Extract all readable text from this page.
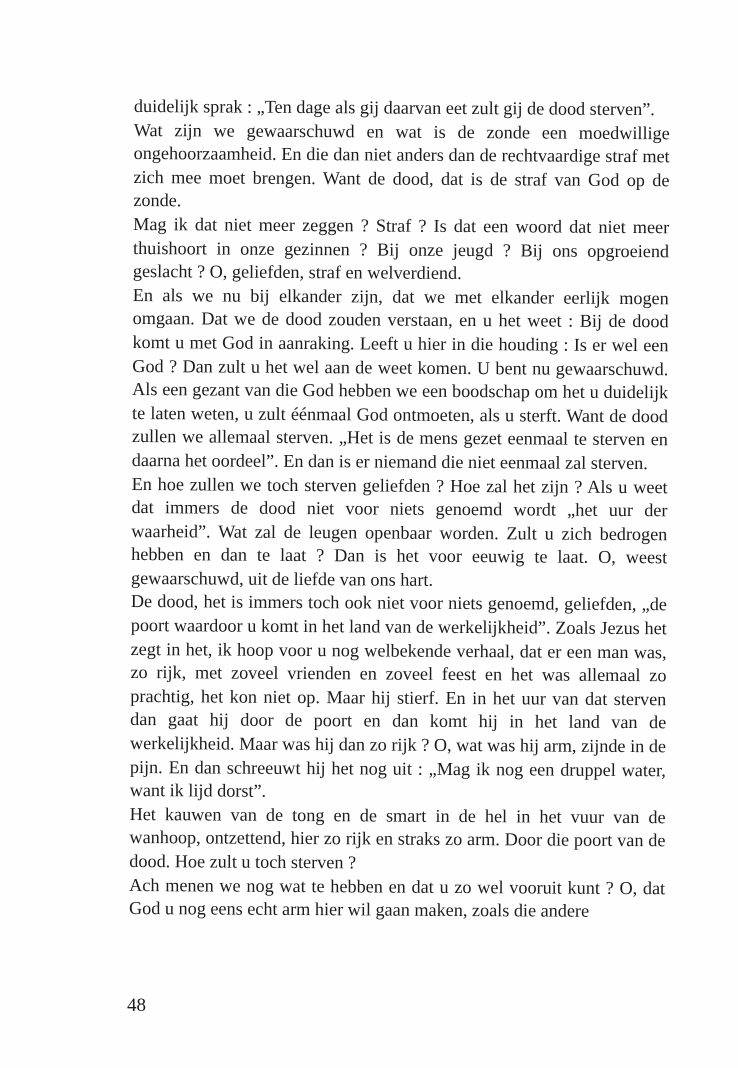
duidelijk sprak : „Ten dage als gij daarvan eet zult gij de dood sterven”.

Wat zijn we gewaarschuwd en wat is de zonde een moedwillige ongehoorzaamheid. En die dan niet anders dan de rechtvaardige straf met zich mee moet brengen. Want de dood, dat is de straf van God op de zonde.

Mag ik dat niet meer zeggen ? Straf ? Is dat een woord dat niet meer thuishoort in onze gezinnen ? Bij onze jeugd ? Bij ons opgroeiend geslacht ? O, geliefden, straf en welverdiend.

En als we nu bij elkander zijn, dat we met elkander eerlijk mogen omgaan. Dat we de dood zouden verstaan, en u het weet : Bij de dood komt u met God in aanraking. Leeft u hier in die houding : Is er wel een God ? Dan zult u het wel aan de weet komen. U bent nu gewaarschuwd. Als een gezant van die God hebben we een boodschap om het u duidelijk te laten weten, u zult éénmaal God ontmoeten, als u sterft. Want de dood zullen we allemaal sterven. „Het is de mens gezet eenmaal te sterven en daarna het oordeel”. En dan is er niemand die niet eenmaal zal sterven.

En hoe zullen we toch sterven geliefden ? Hoe zal het zijn ? Als u weet dat immers de dood niet voor niets genoemd wordt „het uur der waarheid”. Wat zal de leugen openbaar worden. Zult u zich bedrogen hebben en dan te laat ? Dan is het voor eeuwig te laat. O, weest gewaarschuwd, uit de liefde van ons hart.

De dood, het is immers toch ook niet voor niets genoemd, geliefden, „de poort waardoor u komt in het land van de werkelijkheid”. Zoals Jezus het zegt in het, ik hoop voor u nog welbekende verhaal, dat er een man was, zo rijk, met zoveel vrienden en zoveel feest en het was allemaal zo prachtig, het kon niet op. Maar hij stierf. En in het uur van dat sterven dan gaat hij door de poort en dan komt hij in het land van de werkelijkheid. Maar was hij dan zo rijk ? O, wat was hij arm, zijnde in de pijn. En dan schreeuwt hij het nog uit : „Mag ik nog een druppel water, want ik lijd dorst”.

Het kauwen van de tong en de smart in de hel in het vuur van de wanhoop, ontzettend, hier zo rijk en straks zo arm. Door die poort van de dood. Hoe zult u toch sterven ?

Ach menen we nog wat te hebben en dat u zo wel vooruit kunt ? O, dat God u nog eens echt arm hier wil gaan maken, zoals die andere

48
